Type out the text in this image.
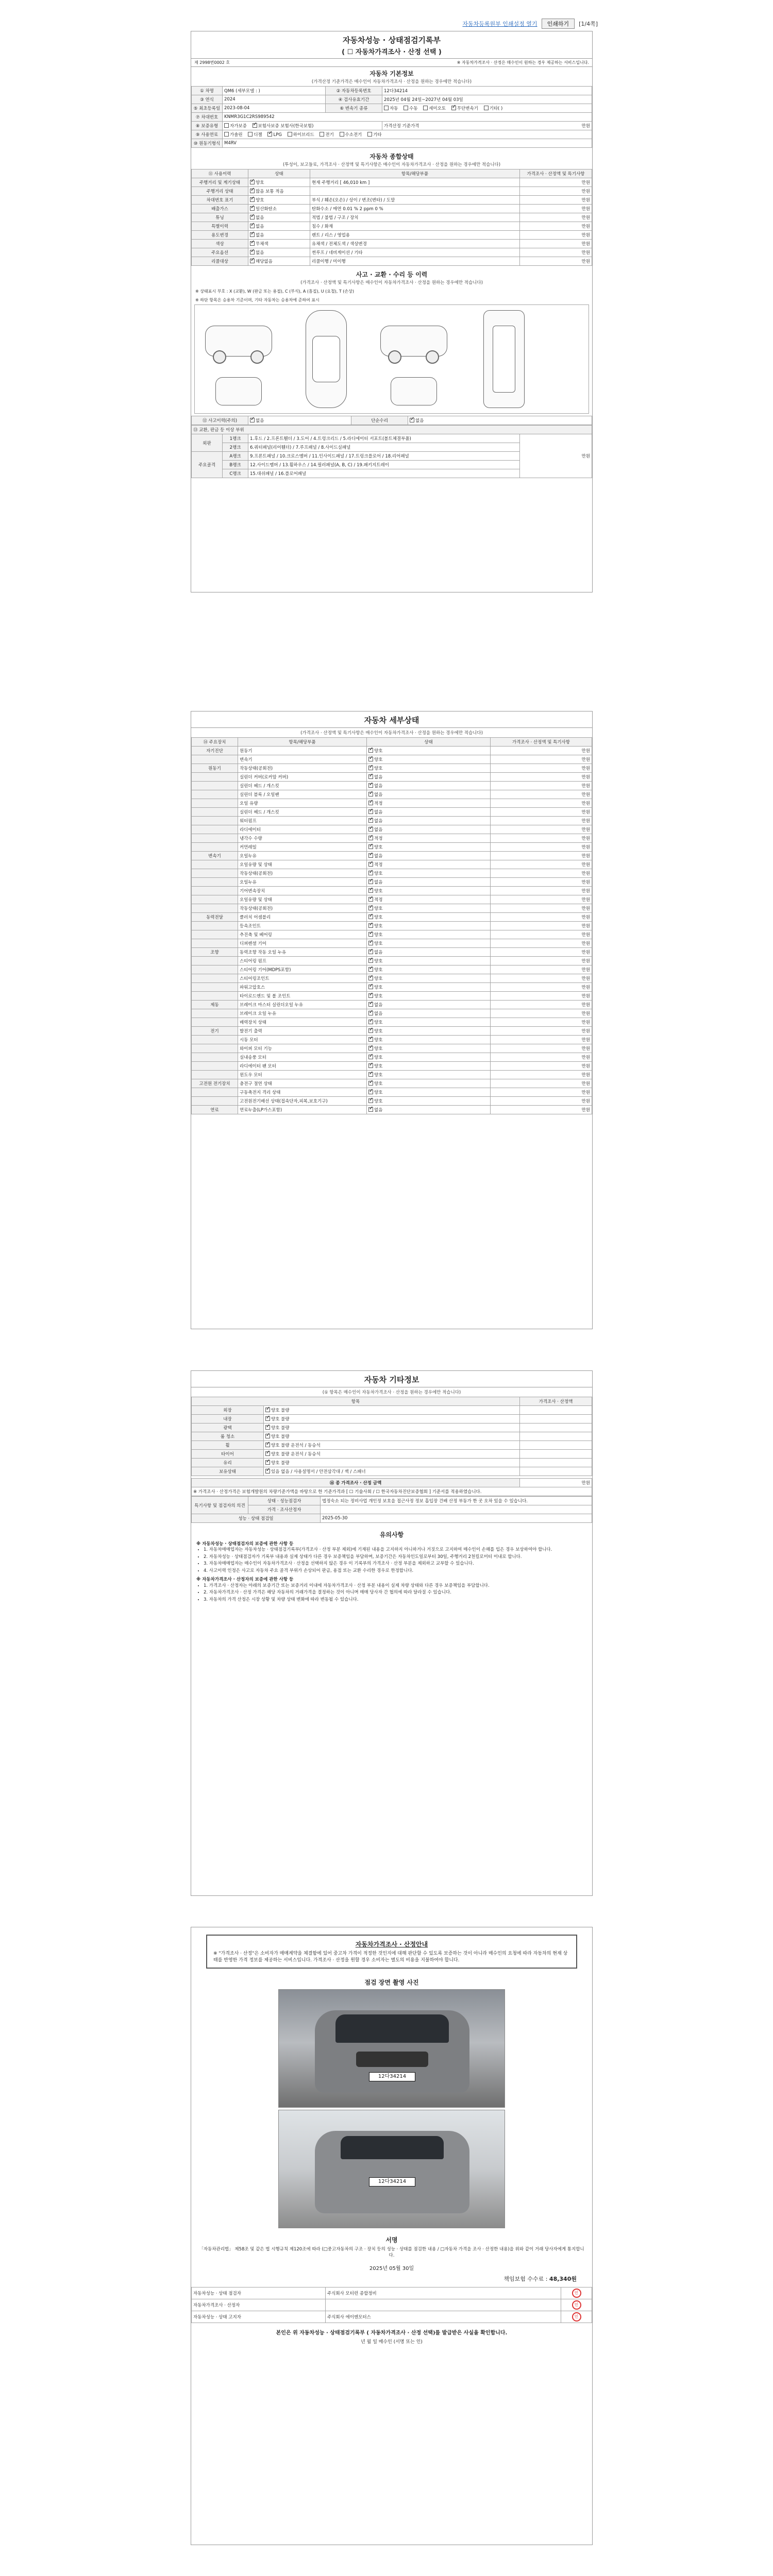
자동차등록원부 인쇄설정 열기	인쇄하기	[1/4쪽]
자동차성능 · 상태점검기록부
( ☐ 자동차가격조사 · 산정 선택 )
제 2998번0002 호	※ 자동차가격조사 · 산정은 매수인이 원하는 경우 제공하는 서비스입니다.
자동차 기본정보
(가격산정 기준가격은 매수인이 자동차가격조사 · 산정을 원하는 경우에만 적습니다)
① 차명	QM6 (세부모델 : )	② 자동차등록번호	12다34214
③ 연식	2024	④ 검사유효기간	2025년 04월 24일~2027년 04월 03일
⑤ 최초등록일	2023-08-04	⑥ 변속기 종류	자동 수동 세미오토 ✓ 무단변속기 기타( )
⑦ 차대번호	KNMR3G1C2RS989542		
⑧ 보증유형	자가보증 ✓ 보험사보증 보험사(한국보험)		가격산정 기준가격 만원

⑨ 사용연료	가솔린 디젤 ✓ LPG 하이브리드 전기 수소전기 기타
⑩ 원동기형식	M4RV		
자동차 종합상태
(투성이, 보고들료, 가격조사 · 산정액 및 특기사항은 매수인이 자동차가격조사 · 산정을 원하는 경우에만 적습니다)
⑪ 사용이력	상태	항목/해당부품	가격조사 · 산정액 및 특기사항
주행거리 및 계기상태	✓양호	현재 주행거리 [ 46,010 km ]	만원
주행거리 상태	✓많음 보통 적음		만원
차대번호 표기	✓양호	부식 / 훼손(오손) / 상이 / 변조(변타) / 도말	만원
배출가스	✓일산화탄소	탄화수소 / 매연 0.01 % 2 ppm 0 %	만원
튜닝	✓없음	적법 / 불법 / 구조 / 장치	만원
특별이력	✓없음	침수 / 화재	만원
용도변경	✓없음	렌트 / 리스 / 영업용	만원
색상	✓무채색	유채색 / 전체도색 / 색상변경	만원
주요옵션	✓없음	썬루프 / 네비게이션 / 기타	만원
리콜대상	✓해당없음	리콜이행 / 미이행	만원
사고 · 교환 · 수리 등 이력
(가격조사 · 산정액 및 특기사항은 매수인이 자동차가격조사 · 산정을 원하는 경우에만 적습니다)
※ 상태표시 부호 : X (교환), W (판금 또는 용접), C (부식), A (흠집), U (요철), T (손상)
※ 하단 항목은 승용차 기준이며, 기타 자동차는 승용차에 준하여 표시
⑫ 사고이력(주의)	✓없음	단순수리	✓없음
⑬ 교환, 판금 등 이상 부위			
외판	1랭크	1.후드 / 2.프론트휀더 / 3.도어 / 4.트렁크리드 / 5.라디에이터 서포트(볼트체결부품)	만원
	2랭크	6.쿼터패널(리어휀더) / 7.루프패널 / 8.사이드실패널	
주요골격	A랭크	9.프론트패널 / 10.크로스멤버 / 11.인사이드패널 / 17.트렁크플로어 / 18.리어패널	
	B랭크	12.사이드멤버 / 13.휠하우스 / 14.필러패널(A, B, C) / 19.패키지트레이	
	C랭크	15.대쉬패널 / 16.플로어패널	
자동차 세부상태
(가격조사 · 산정액 및 특기사항은 매수인이 자동차가격조사 · 산정을 원하는 경우에만 적습니다)
⑭ 주요장치	항목/해당부품	상태	가격조사 · 산정액 및 특기사항
자기진단	원동기	✓양호	만원
	변속기	✓양호	만원
원동기	작동상태(공회전)	✓양호	만원
	실린더 커버(로커암 커버)	✓없음	만원
	실린더 헤드 / 개스킷	✓없음	만원
	실린더 블록 / 오일팬	✓없음	만원
	오일 유량	✓적정	만원
	실린더 헤드 / 개스킷	✓없음	만원
	워터펌프	✓없음	만원
	라디에이터	✓없음	만원
	냉각수 수량	✓적정	만원
	커먼레일	✓양호	만원
변속기	오일누유	✓없음	만원
	오일유량 및 상태	✓적정	만원
	작동상태(공회전)	✓양호	만원
	오일누유	✓없음	만원
	기어변속장치	✓양호	만원
	오일유량 및 상태	✓적정	만원
	작동상태(공회전)	✓양호	만원
동력전달	클러치 어셈블리	✓양호	만원
	등속조인트	✓양호	만원
	추진축 및 베어링	✓양호	만원
	디퍼렌셜 기어	✓양호	만원
조향	동력조향 작동 오일 누유	✓없음	만원
	스티어링 펌프	✓양호	만원
	스티어링 기어(MDPS포함)	✓양호	만원
	스티어링조인트	✓양호	만원
	파워고압호스	✓양호	만원
	타이로드엔드 및 볼 조인트	✓양호	만원
제동	브레이크 마스터 실린더오일 누유	✓없음	만원
	브레이크 오일 누유	✓없음	만원
	배력장치 상태	✓양호	만원
전기	발전기 출력	✓양호	만원
	시동 모터	✓양호	만원
	와이퍼 모터 기능	✓양호	만원
	실내송풍 모터	✓양호	만원
	라디에이터 팬 모터	✓양호	만원
	윈도우 모터	✓양호	만원
고전원 전기장치	충전구 절연 상태	✓양호	만원
	구동축전지 격리 상태	✓양호	만원
	고전원전기배선 상태(접속단자,피복,보호기구)	✓양호	만원
연료	연료누출(LP가스포함)	✓없음	만원
자동차 기타정보
(① 항목은 매수인이 자동차가격조사 · 산정을 원하는 경우에만 적습니다)
항목		가격조사 · 산정액
외장	✓양호 불량	
내장	✓양호 불량	
광택	✓양호 불량	
룸 청소	✓양호 불량	
휠	✓양호 불량 운전석 / 동승석	
타이어	✓양호 불량 운전석 / 동승석	
유리	✓양호 불량	
보유상태	✓있음 없음 / 사용설명서 / 안전삼각대 / 잭 / 스패너	
⑯ 종 가격조사 · 산정 금액	만원
※ 가격조사 · 산정가격은 보험개발원의 차량기준가액을 바탕으로 한 기준가격과 [ ☐ 기술사회 / ☐ 한국자동차진단보증협회 ] 기준서를 적용하였습니다.
특기사항 및 점검자의 의견	상태 · 성능점검자	법정숙소 되는 정비사업 개인정 보호을 접근사정 정보 흡입장 건배 산정 부동가 한 곳 오차 있을 수 있습니다.
	가격 · 조사산정자	
성능 · 상태 점검일		2025-05-30
유의사항
※ 자동차성능 · 상태점검자의 보증에 관한 사항 등
• 1. 자동차매매업자는 자동차성능 · 상태점검기록부(가격조사 · 산정 부분 제외)에 기재된 내용을 고지하지 아니하거나 거짓으로 고지하여 매수인이 손해를 입은 경우 보상하여야 합니다.
• 2. 자동차성능 · 상태점검자가 기록부 내용과 실제 상태가 다른 경우 보증책임을 부담하며, 보증기간은 자동차인도일로부터 30일, 주행거리 2천킬로미터 이내로 합니다.
• 3. 자동차매매업자는 매수인이 자동차가격조사 · 산정을 선택하지 않은 경우 이 기록부의 가격조사 · 산정 부분을 제외하고 교부할 수 있습니다.
• 4. 사고이력 인정은 사고로 자동차 주요 골격 부위가 손상되어 판금, 용접 또는 교환 수리한 경우로 한정합니다.
※ 자동차가격조사 · 산정자의 보증에 관한 사항 등
• 1. 가격조사 · 산정자는 아래의 보증기간 또는 보증거리 이내에 자동차가격조사 · 산정 부분 내용이 실제 차량 상태와 다른 경우 보증책임을 부담합니다.
• 2. 자동차가격조사 · 산정 가격은 해당 자동차의 거래가격을 결정하는 것이 아니며 매매 당사자 간 협의에 따라 달라질 수 있습니다.
• 3. 자동차의 가격 산정은 시장 상황 및 차량 상태 변화에 따라 변동될 수 있습니다.
자동차가격조사 · 산정안내
※ "가격조사 · 산정"은 소비자가 매매계약을 체결함에 있어 중고차 가격이 적정한 것인지에 대해 판단할 수 있도록 보증하는 것이 아니라 매수인의 요청에 따라 자동차의 현재 상태를 반영한 가격 정보를 제공하는 서비스입니다. 가격조사 · 산정을 원할 경우 소비자는 별도의 비용을 지불하여야 합니다.
점검 장면 촬영 사진
12다34214
12다34214
서명
「자동차관리법」 제58조 및 같은 법 시행규칙 제120조에 따라 (□중고자동차의 구조 · 장치 등의 성능 · 상태를 점검한 내용 / □자동차 가격을 조사 · 산정한 내용)을 위와 같이 거래 당사자에게 통지합니다.
2025년 05월 30일
책임보험 수수료 : 48,340원
자동차성능 · 상태 점검자	주식회사 모터런 종합정비	인
자동차가격조사 · 산정자		인
자동차성능 · 상태 고지자	주식회사 에이엔모터스	인
본인은 위 자동차성능 · 상태점검기록부 ( 자동차가격조사 · 산정 선택)를 발급받은 사실을 확인합니다.
년 월 일 매수인 (서명 또는 인)
